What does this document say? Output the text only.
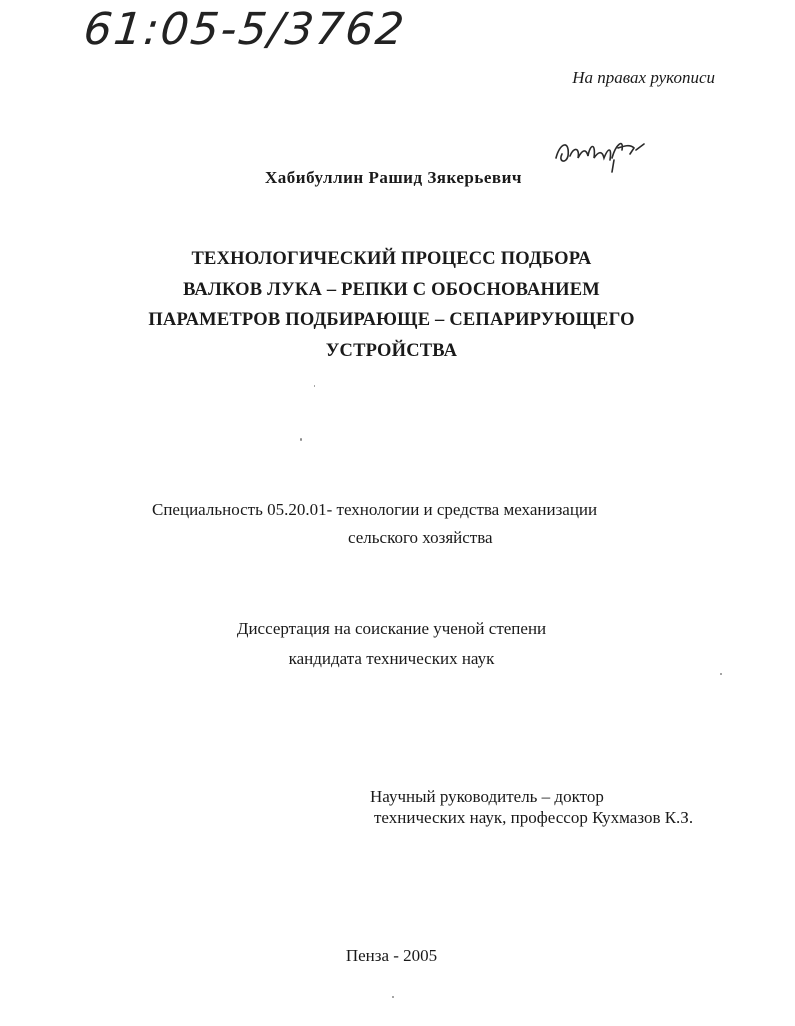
61:05-5/3762
На правах рукописи
Хабибуллин Рашид Зякерьевич
ТЕХНОЛОГИЧЕСКИЙ ПРОЦЕСС ПОДБОРА
ВАЛКОВ ЛУКА – РЕПКИ С ОБОСНОВАНИЕМ
ПАРАМЕТРОВ ПОДБИРАЮЩЕ – СЕПАРИРУЮЩЕГО
УСТРОЙСТВА
Специальность 05.20.01- технологии и средства механизации
сельского хозяйства
Диссертация на соискание ученой степени
кандидата технических наук
Научный руководитель – доктор
технических наук, профессор Кухмазов К.З.
Пенза - 2005
